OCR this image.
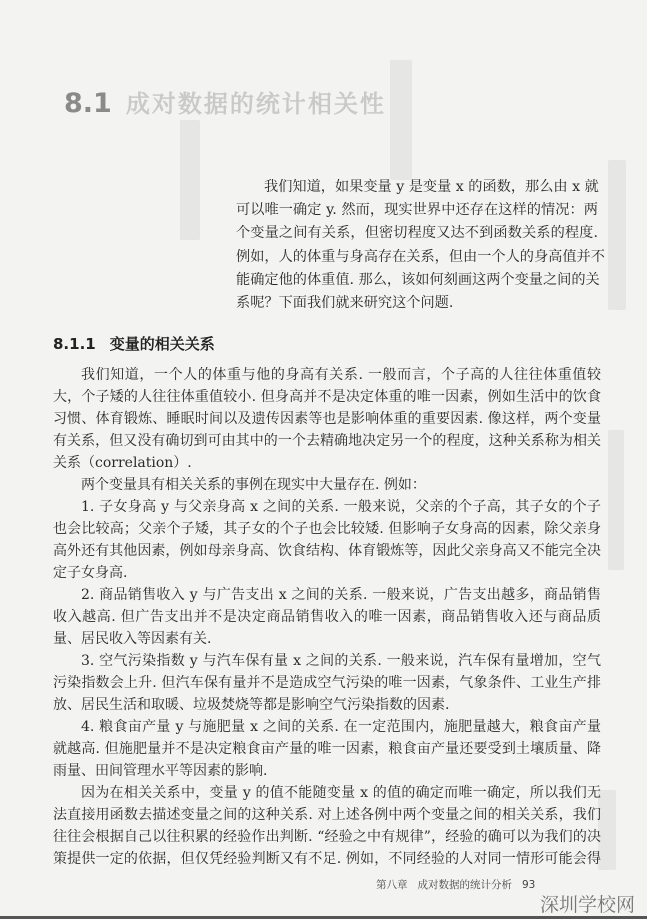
8.1 成对数据的统计相关性
我们知道，如果变量 y 是变量 x 的函数，那么由 x 就
可以唯一确定 y. 然而，现实世界中还存在这样的情况：两
个变量之间有关系，但密切程度又达不到函数关系的程度.
例如，人的体重与身高存在关系，但由一个人的身高值并不
能确定他的体重值. 那么，该如何刻画这两个变量之间的关
系呢？下面我们就来研究这个问题.
8.1.1 变量的相关关系
我们知道，一个人的体重与他的身高有关系. 一般而言，个子高的人往往体重值较
大，个子矮的人往往体重值较小. 但身高并不是决定体重的唯一因素，例如生活中的饮食
习惯、体育锻炼、睡眠时间以及遗传因素等也是影响体重的重要因素. 像这样，两个变量
有关系，但又没有确切到可由其中的一个去精确地决定另一个的程度，这种关系称为相关
关系（correlation）.
两个变量具有相关关系的事例在现实中大量存在. 例如：
1. 子女身高 y 与父亲身高 x 之间的关系. 一般来说，父亲的个子高，其子女的个子
也会比较高；父亲个子矮，其子女的个子也会比较矮. 但影响子女身高的因素，除父亲身
高外还有其他因素，例如母亲身高、饮食结构、体育锻炼等，因此父亲身高又不能完全决
定子女身高.
2. 商品销售收入 y 与广告支出 x 之间的关系. 一般来说，广告支出越多，商品销售
收入越高. 但广告支出并不是决定商品销售收入的唯一因素，商品销售收入还与商品质
量、居民收入等因素有关.
3. 空气污染指数 y 与汽车保有量 x 之间的关系. 一般来说，汽车保有量增加，空气
污染指数会上升. 但汽车保有量并不是造成空气污染的唯一因素，气象条件、工业生产排
放、居民生活和取暖、垃圾焚烧等都是影响空气污染指数的因素.
4. 粮食亩产量 y 与施肥量 x 之间的关系. 在一定范围内，施肥量越大，粮食亩产量
就越高. 但施肥量并不是决定粮食亩产量的唯一因素，粮食亩产量还要受到土壤质量、降
雨量、田间管理水平等因素的影响.
因为在相关关系中，变量 y 的值不能随变量 x 的值的确定而唯一确定，所以我们无
法直接用函数去描述变量之间的这种关系. 对上述各例中两个变量之间的相关关系，我们
往往会根据自己以往积累的经验作出判断. “经验之中有规律”，经验的确可以为我们的决
策提供一定的依据，但仅凭经验判断又有不足. 例如，不同经验的人对同一情形可能会得
第八章 成对数据的统计分析 93
深圳学校网
